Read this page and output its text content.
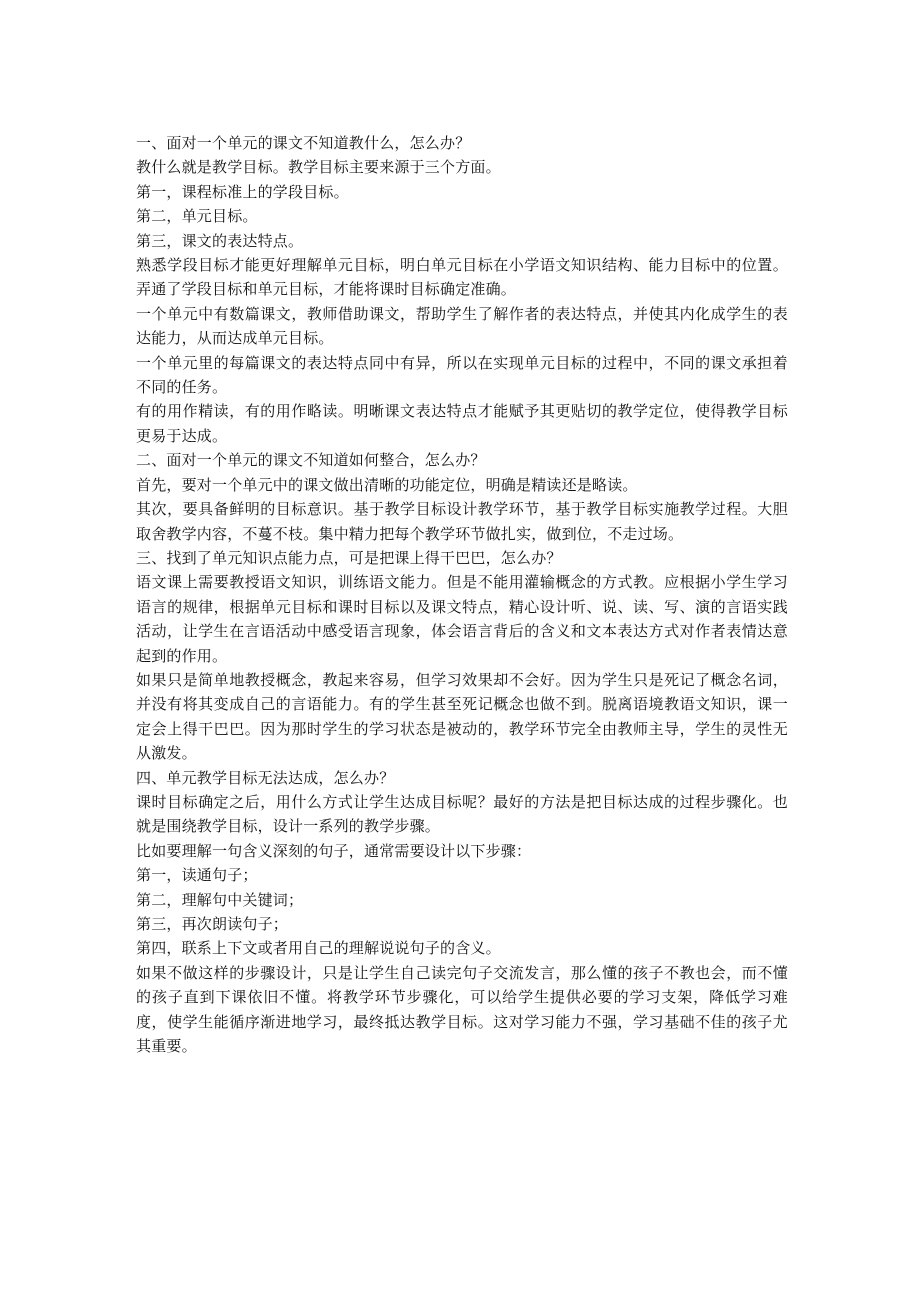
一、面对一个单元的课文不知道教什么，怎么办？

教什么就是教学目标。教学目标主要来源于三个方面。

第一，课程标准上的学段目标。

第二，单元目标。

第三，课文的表达特点。

熟悉学段目标才能更好理解单元目标，明白单元目标在小学语文知识结构、能力目标中的位置。弄通了学段目标和单元目标，才能将课时目标确定准确。

一个单元中有数篇课文，教师借助课文，帮助学生了解作者的表达特点，并使其内化成学生的表达能力，从而达成单元目标。

一个单元里的每篇课文的表达特点同中有异，所以在实现单元目标的过程中，不同的课文承担着不同的任务。

有的用作精读，有的用作略读。明晰课文表达特点才能赋予其更贴切的教学定位，使得教学目标更易于达成。

二、面对一个单元的课文不知道如何整合，怎么办？

首先，要对一个单元中的课文做出清晰的功能定位，明确是精读还是略读。

其次，要具备鲜明的目标意识。基于教学目标设计教学环节，基于教学目标实施教学过程。大胆取舍教学内容，不蔓不枝。集中精力把每个教学环节做扎实，做到位，不走过场。

三、找到了单元知识点能力点，可是把课上得干巴巴，怎么办？

语文课上需要教授语文知识，训练语文能力。但是不能用灌输概念的方式教。应根据小学生学习语言的规律，根据单元目标和课时目标以及课文特点，精心设计听、说、读、写、演的言语实践活动，让学生在言语活动中感受语言现象，体会语言背后的含义和文本表达方式对作者表情达意起到的作用。

如果只是简单地教授概念，教起来容易，但学习效果却不会好。因为学生只是死记了概念名词，并没有将其变成自己的言语能力。有的学生甚至死记概念也做不到。脱离语境教语文知识，课一定会上得干巴巴。因为那时学生的学习状态是被动的，教学环节完全由教师主导，学生的灵性无从激发。

四、单元教学目标无法达成，怎么办？

课时目标确定之后，用什么方式让学生达成目标呢？最好的方法是把目标达成的过程步骤化。也就是围绕教学目标，设计一系列的教学步骤。

比如要理解一句含义深刻的句子，通常需要设计以下步骤：

第一，读通句子；

第二，理解句中关键词；

第三，再次朗读句子；

第四，联系上下文或者用自己的理解说说句子的含义。

如果不做这样的步骤设计，只是让学生自己读完句子交流发言，那么懂的孩子不教也会，而不懂的孩子直到下课依旧不懂。将教学环节步骤化，可以给学生提供必要的学习支架，降低学习难度，使学生能循序渐进地学习，最终抵达教学目标。这对学习能力不强，学习基础不佳的孩子尤其重要。
